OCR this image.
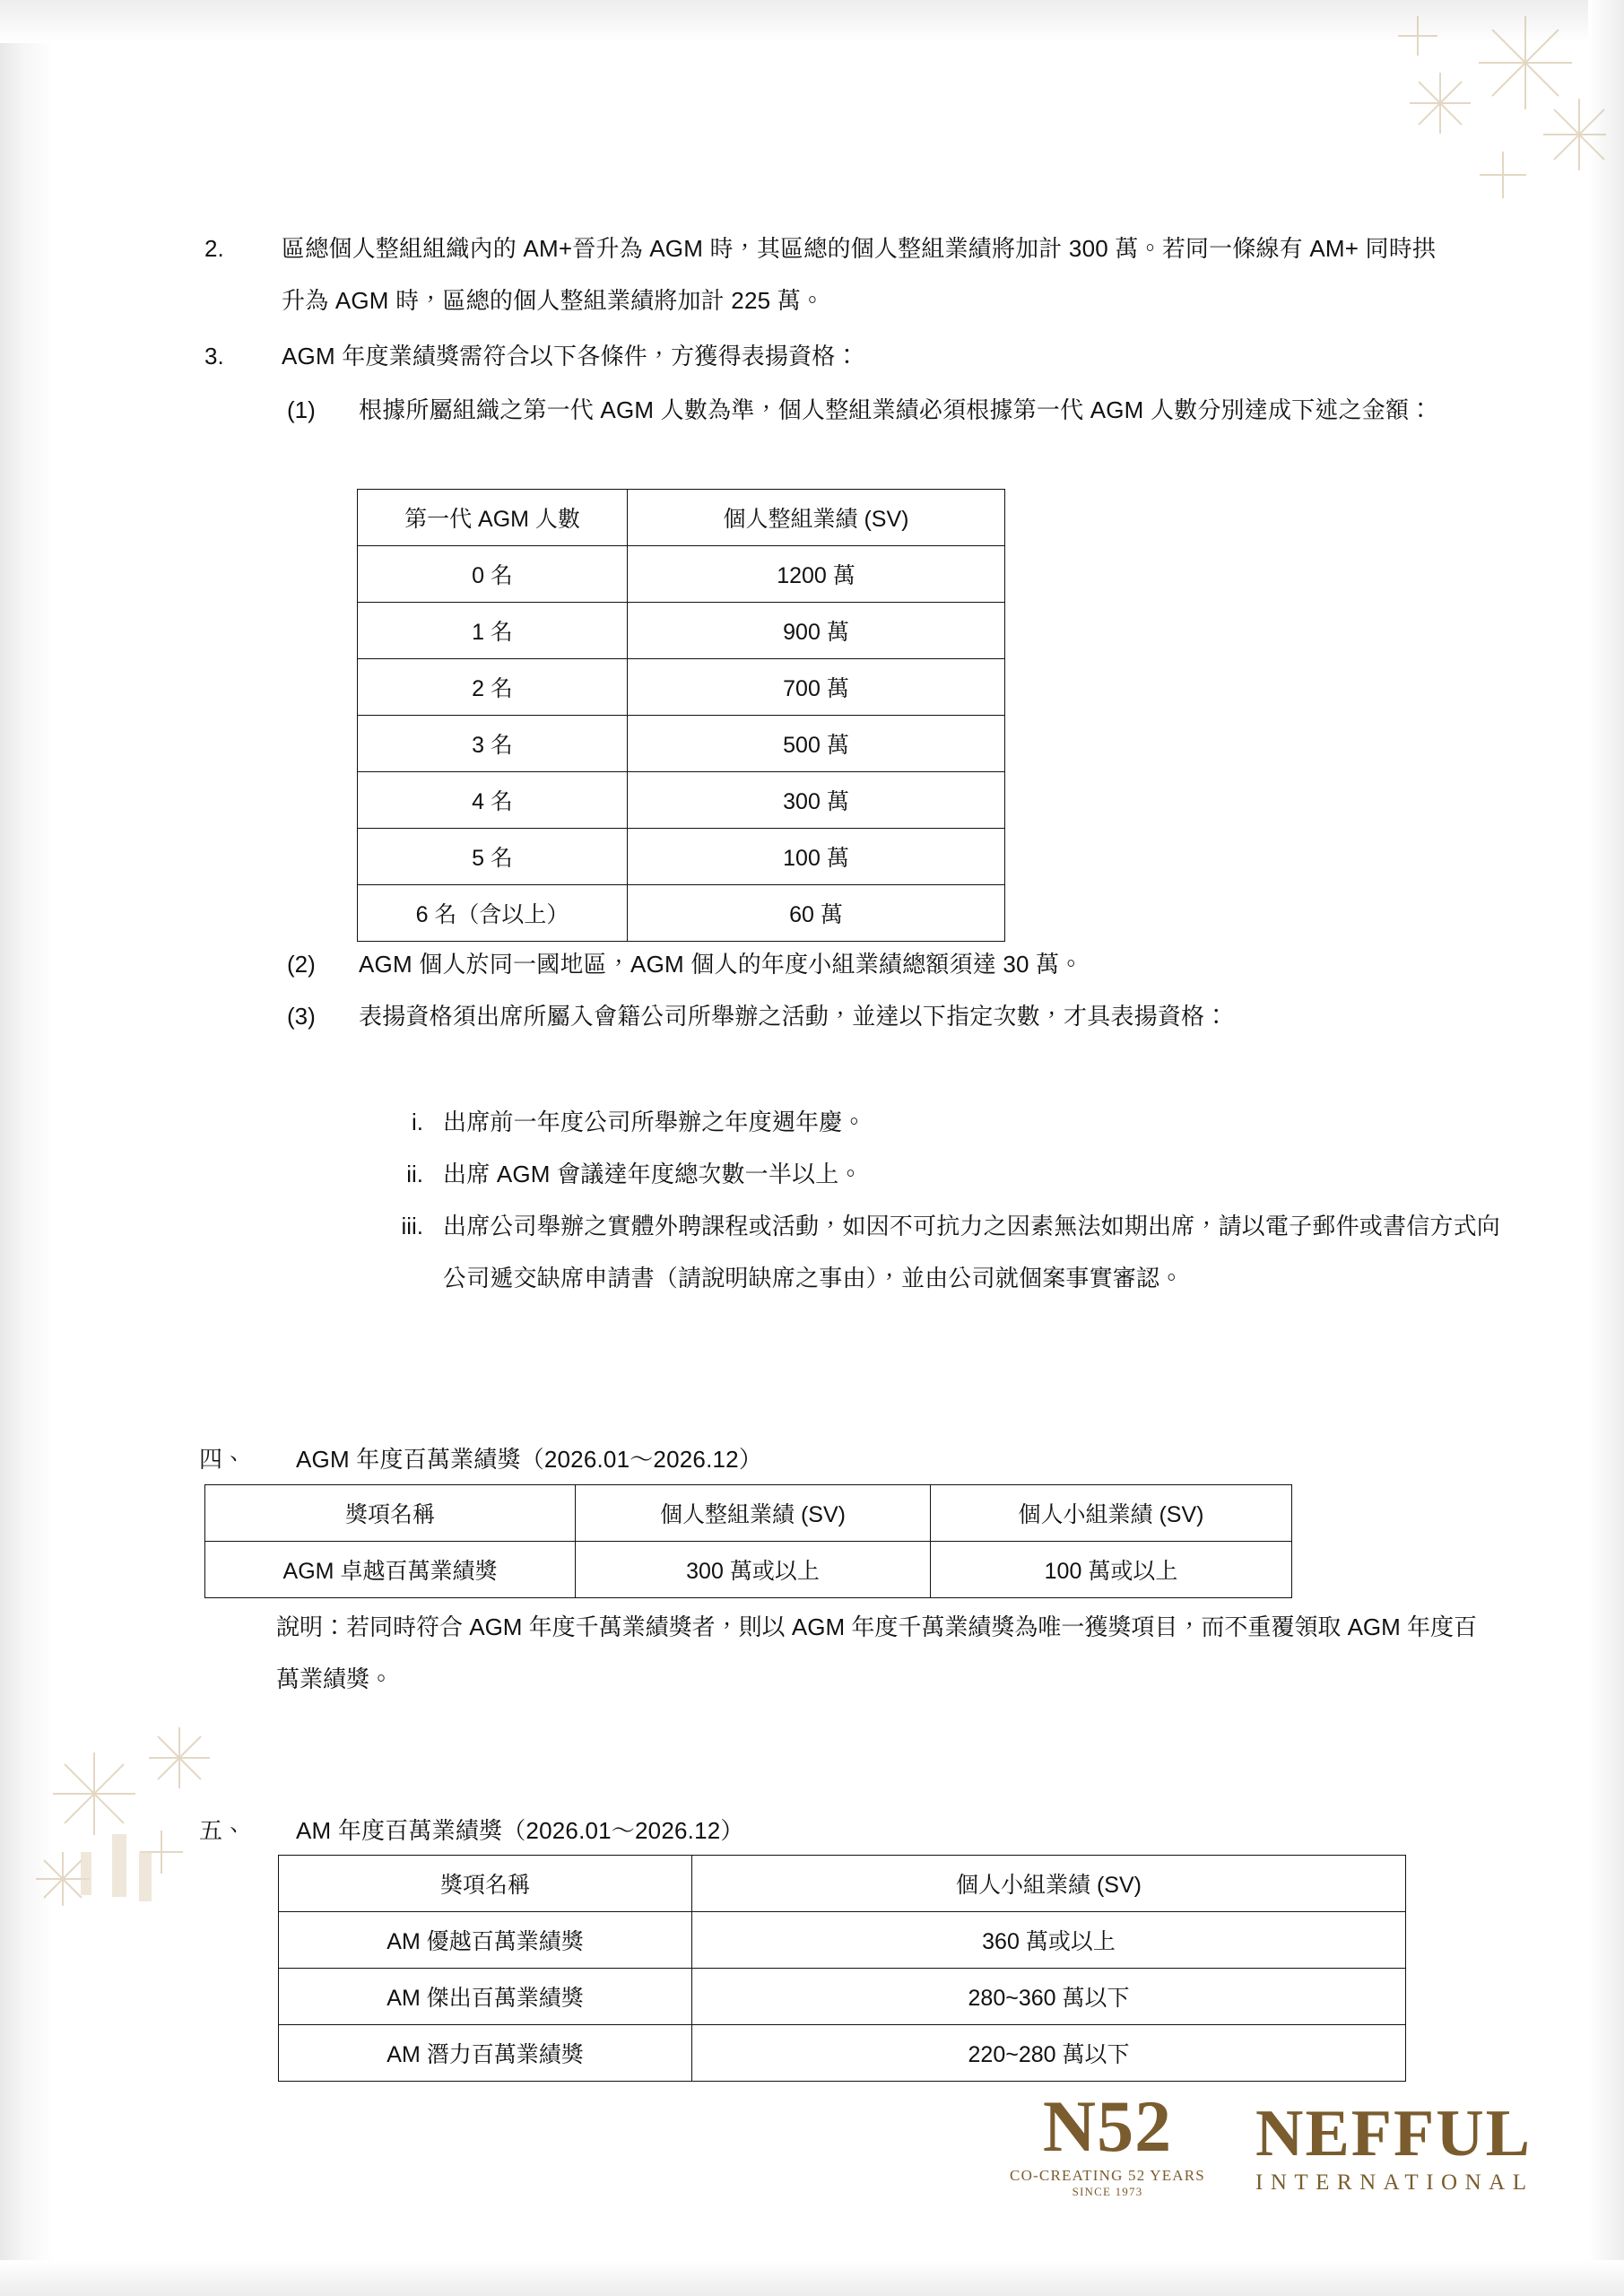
2.	區總個人整組組織內的 AM+晉升為 AGM 時，其區總的個人整組業績將加計 300 萬。若同一條線有 AM+ 同時拱升為 AGM 時，區總的個人整組業績將加計 225 萬。
3.	AGM 年度業績獎需符合以下各條件，方獲得表揚資格：
(1)	根據所屬組織之第一代 AGM 人數為準，個人整組業績必須根據第一代 AGM 人數分別達成下述之金額：
第一代 AGM 人數	個人整組業績 (SV)
0 名	1200 萬
1 名	900 萬
2 名	700 萬
3 名	500 萬
4 名	300 萬
5 名	100 萬
6 名（含以上）	60 萬
(2)	AGM 個人於同一國地區，AGM 個人的年度小組業績總額須達 30 萬。
(3)	表揚資格須出席所屬入會籍公司所舉辦之活動，並達以下指定次數，才具表揚資格：
i. 出席前一年度公司所舉辦之年度週年慶。
ii. 出席 AGM 會議達年度總次數一半以上。
iii. 出席公司舉辦之實體外聘課程或活動，如因不可抗力之因素無法如期出席，請以電子郵件或書信方式向公司遞交缺席申請書（請說明缺席之事由），並由公司就個案事實審認。
四、	AGM 年度百萬業績獎（2026.01～2026.12）
獎項名稱	個人整組業績 (SV)	個人小組業績 (SV)
AGM 卓越百萬業績獎	300 萬或以上	100 萬或以上
說明：若同時符合 AGM 年度千萬業績獎者，則以 AGM 年度千萬業績獎為唯一獲獎項目，而不重覆領取 AGM 年度百萬業績獎。
五、	AM 年度百萬業績獎（2026.01～2026.12）
獎項名稱	個人小組業績 (SV)
AM 優越百萬業績獎	360 萬或以上
AM 傑出百萬業績獎	280~360 萬以下
AM 潛力百萬業績獎	220~280 萬以下
N52
CO-CREATING 52 YEARS
SINCE 1973
NEFFUL
INTERNATIONAL
